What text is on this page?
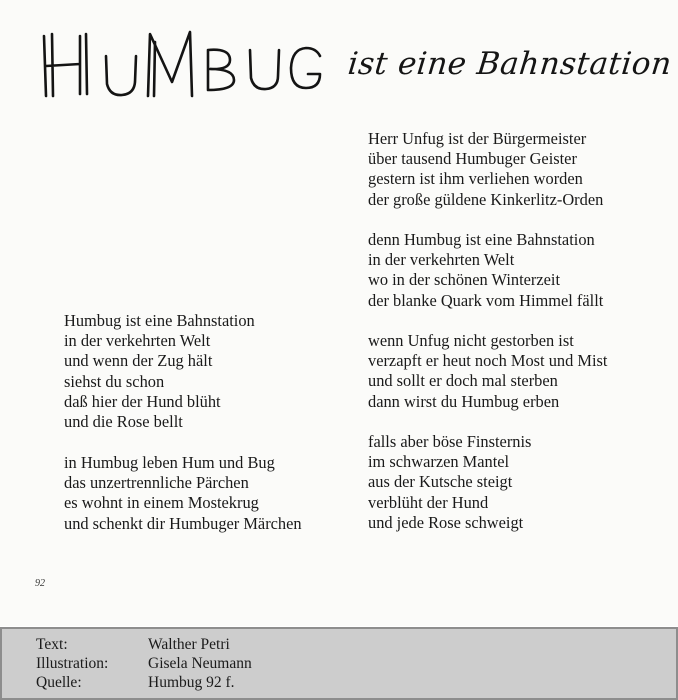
ist eine Bahnstation
Humbug ist eine Bahnstation
in der verkehrten Welt
und wenn der Zug hält
siehst du schon
daß hier der Hund blüht
und die Rose bellt
in Humbug leben Hum und Bug
das unzertrennliche Pärchen
es wohnt in einem Mostekrug
und schenkt dir Humbuger Märchen
Herr Unfug ist der Bürgermeister
über tausend Humbuger Geister
gestern ist ihm verliehen worden
der große güldene Kinkerlitz-Orden
denn Humbug ist eine Bahnstation
in der verkehrten Welt
wo in der schönen Winterzeit
der blanke Quark vom Himmel fällt
wenn Unfug nicht gestorben ist
verzapft er heut noch Most und Mist
und sollt er doch mal sterben
dann wirst du Humbug erben
falls aber böse Finsternis
im schwarzen Mantel
aus der Kutsche steigt
verblüht der Hund
und jede Rose schweigt
92
Text:	Walther Petri
Illustration:	Gisela Neumann
Quelle:	Humbug 92 f.
